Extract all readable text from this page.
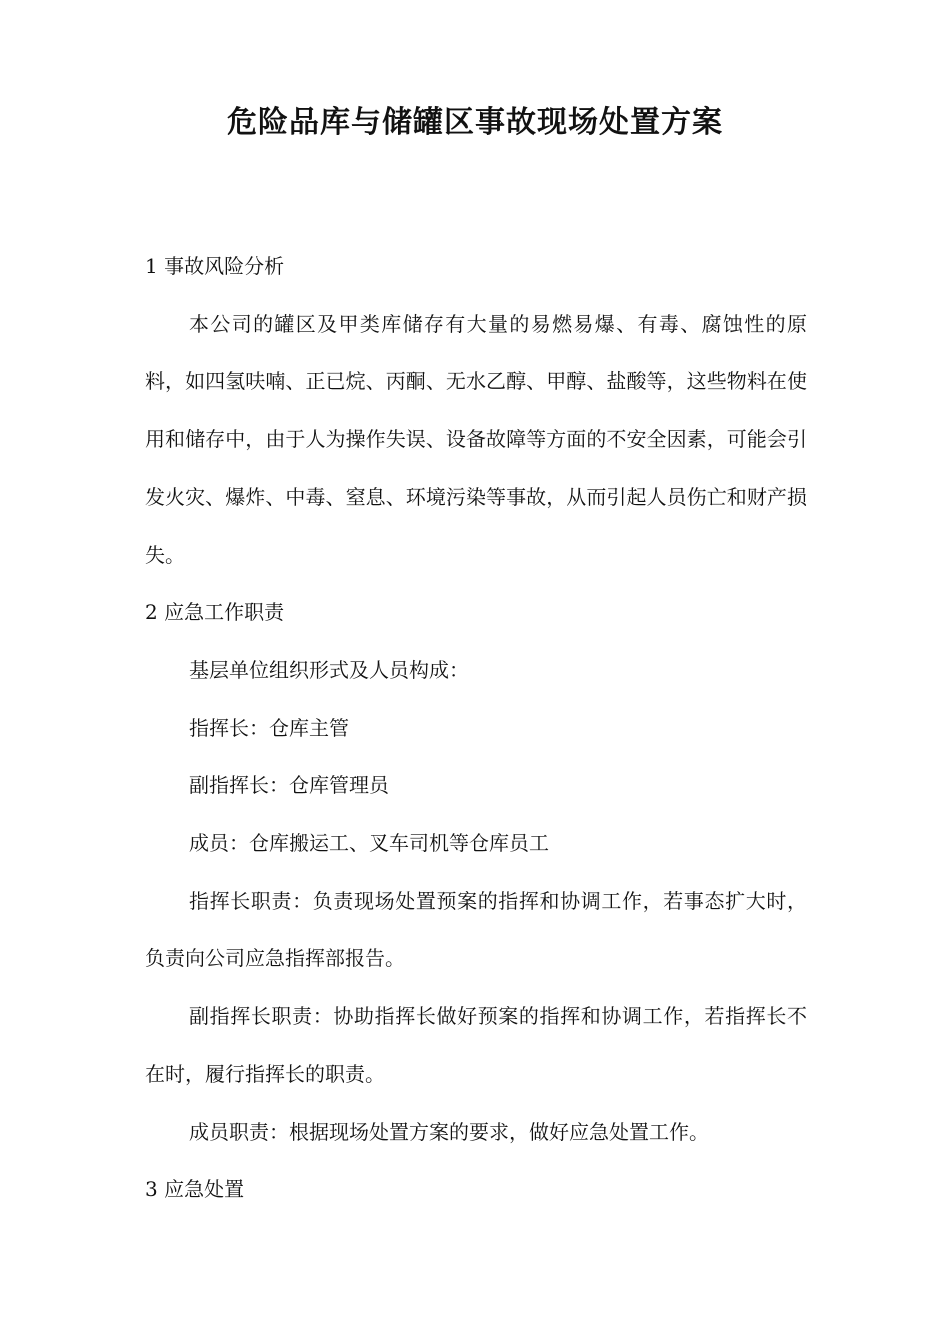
危险品库与储罐区事故现场处置方案

1 事故风险分析

本公司的罐区及甲类库储存有大量的易燃易爆、有毒、腐蚀性的原料，如四氢呋喃、正已烷、丙酮、无水乙醇、甲醇、盐酸等，这些物料在使用和储存中，由于人为操作失误、设备故障等方面的不安全因素，可能会引发火灾、爆炸、中毒、窒息、环境污染等事故，从而引起人员伤亡和财产损失。

2 应急工作职责

基层单位组织形式及人员构成：

指挥长：仓库主管

副指挥长：仓库管理员

成员：仓库搬运工、叉车司机等仓库员工

指挥长职责：负责现场处置预案的指挥和协调工作，若事态扩大时，负责向公司应急指挥部报告。

副指挥长职责：协助指挥长做好预案的指挥和协调工作，若指挥长不在时，履行指挥长的职责。

成员职责：根据现场处置方案的要求，做好应急处置工作。

3 应急处置
